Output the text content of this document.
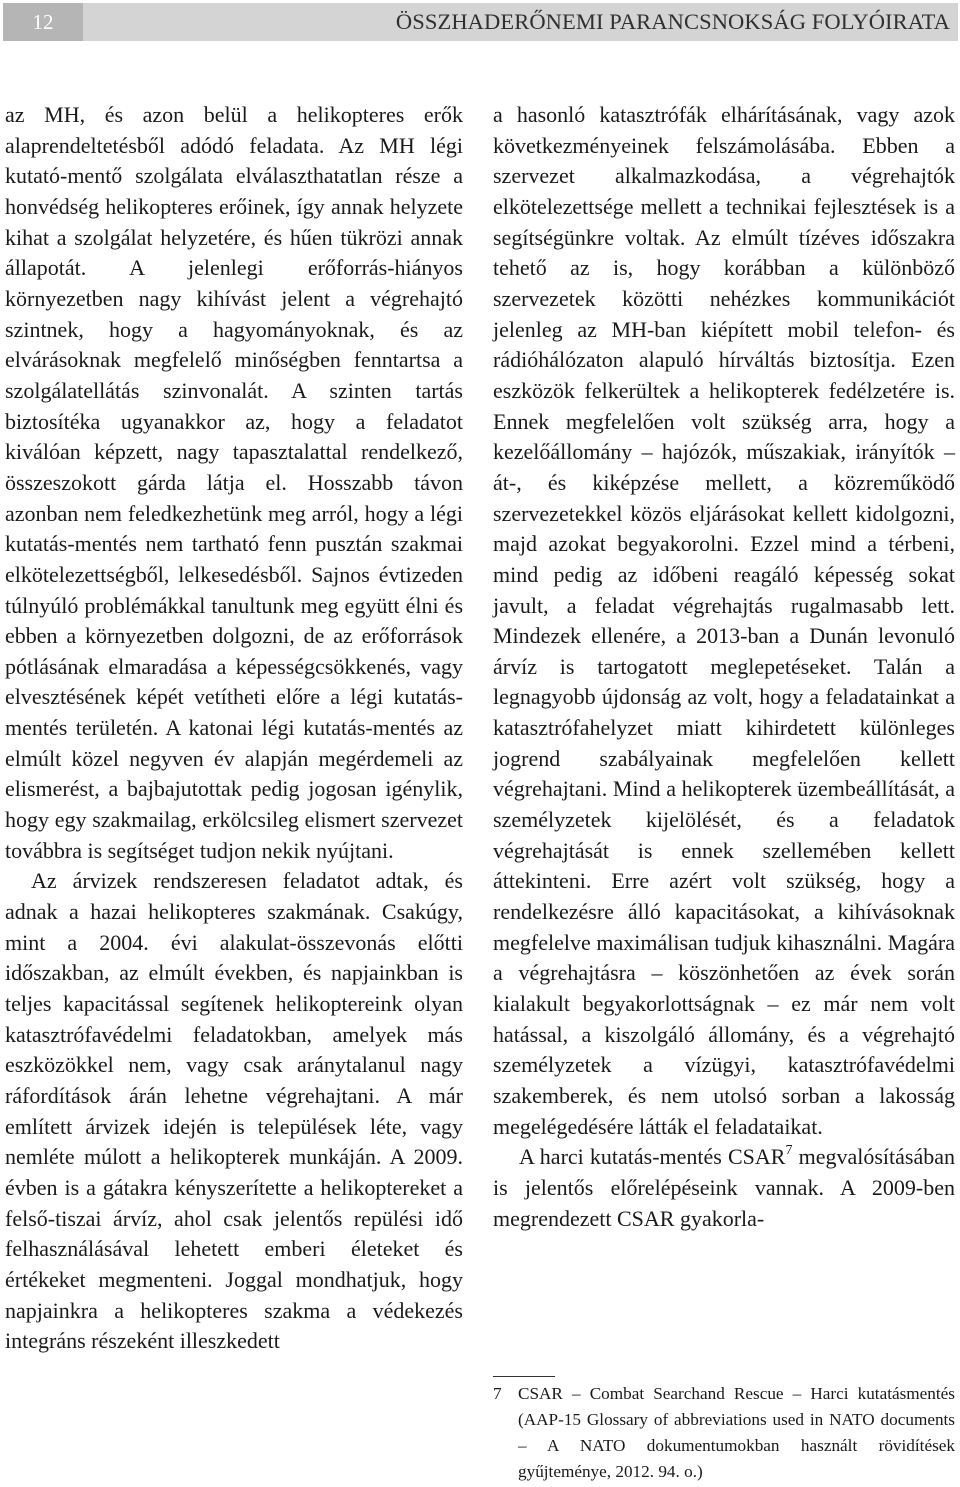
12	ÖSSZHADERŐNEMI PARANCSNOKSÁG FOLYÓIRATA

az MH, és azon belül a helikopteres erők alaprendeltetésből adódó feladata. Az MH légi kutató-mentő szolgálata elválaszthatatlan része a honvédség helikopteres erőinek, így annak helyzete kihat a szolgálat helyzetére, és hűen tükrözi annak állapotát. A jelenlegi erőforrás-hiányos környezetben nagy kihívást jelent a végrehajtó szintnek, hogy a hagyományoknak, és az elvárásoknak megfelelő minőségben fenntartsa a szolgálatellátás szinvonalát. A szinten tartás biztosítéka ugyanakkor az, hogy a feladatot kiválóan képzett, nagy tapasztalattal rendelkező, összeszokott gárda látja el. Hosszabb távon azonban nem feledkezhetünk meg arról, hogy a légi kutatás-mentés nem tartható fenn pusztán szakmai elkötelezettségből, lelkesedésből. Sajnos évtizeden túlnyúló problémákkal tanultunk meg együtt élni és ebben a környezetben dolgozni, de az erőforrások pótlásának elmaradása a képességcsökkenés, vagy elvesztésének képét vetítheti előre a légi kutatás-mentés területén. A katonai légi kutatás-mentés az elmúlt közel negyven év alapján megérdemeli az elismerést, a bajbajutottak pedig jogosan igénylik, hogy egy szakmailag, erkölcsileg elismert szervezet továbbra is segítséget tudjon nekik nyújtani.

Az árvizek rendszeresen feladatot adtak, és adnak a hazai helikopteres szakmának. Csakúgy, mint a 2004. évi alakulat-összevonás előtti időszakban, az elmúlt években, és napjainkban is teljes kapacitással segítenek helikoptereink olyan katasztrófavédelmi feladatokban, amelyek más eszközökkel nem, vagy csak aránytalanul nagy ráfordítások árán lehetne végrehajtani. A már említett árvizek idején is települések léte, vagy nemléte múlott a helikopterek munkáján. A 2009. évben is a gátakra kényszerítette a helikoptereket a felső-tiszai árvíz, ahol csak jelentős repülési idő felhasználásával lehetett emberi életeket és értékeket megmenteni. Joggal mondhatjuk, hogy napjainkra a helikopteres szakma a védekezés integráns részeként illeszkedett

a hasonló katasztrófák elhárításának, vagy azok következményeinek felszámolásába. Ebben a szervezet alkalmazkodása, a végrehajtók elkötelezettsége mellett a technikai fejlesztések is a segítségünkre voltak. Az elmúlt tízéves időszakra tehető az is, hogy korábban a különböző szervezetek közötti nehézkes kommunikációt jelenleg az MH-ban kiépített mobil telefon- és rádióhálózaton alapuló hírváltás biztosítja. Ezen eszközök felkerültek a helikopterek fedélzetére is. Ennek megfelelően volt szükség arra, hogy a kezelőállomány – hajózók, műszakiak, irányítók – át-, és kiképzése mellett, a közreműködő szervezetekkel közös eljárásokat kellett kidolgozni, majd azokat begyakorolni. Ezzel mind a térbeni, mind pedig az időbeni reagáló képesség sokat javult, a feladat végrehajtás rugalmasabb lett. Mindezek ellenére, a 2013-ban a Dunán levonuló árvíz is tartogatott meglepetéseket. Talán a legnagyobb újdonság az volt, hogy a feladatainkat a katasztrófahelyzet miatt kihirdetett különleges jogrend szabályainak megfelelően kellett végrehajtani. Mind a helikopterek üzembeállítását, a személyzetek kijelölését, és a feladatok végrehajtását is ennek szellemében kellett áttekinteni. Erre azért volt szükség, hogy a rendelkezésre álló kapacitásokat, a kihívásoknak megfelelve maximálisan tudjuk kihasználni. Magára a végrehajtásra – köszönhetően az évek során kialakult begyakorlottságnak – ez már nem volt hatással, a kiszolgáló állomány, és a végrehajtó személyzetek a vízügyi, katasztrófavédelmi szakemberek, és nem utolsó sorban a lakosság megelégedésére látták el feladataikat.

A harci kutatás-mentés CSAR$^7$ megvalósításában is jelentős előrelépéseink vannak. A 2009-ben megrendezett CSAR gyakorla-

7 CSAR – Combat Searchand Rescue – Harci kutatásmentés (AAP-15 Glossary of abbreviations used in NATO documents – A NATO dokumentumokban használt rövidítések gyűjteménye, 2012. 94. o.)
